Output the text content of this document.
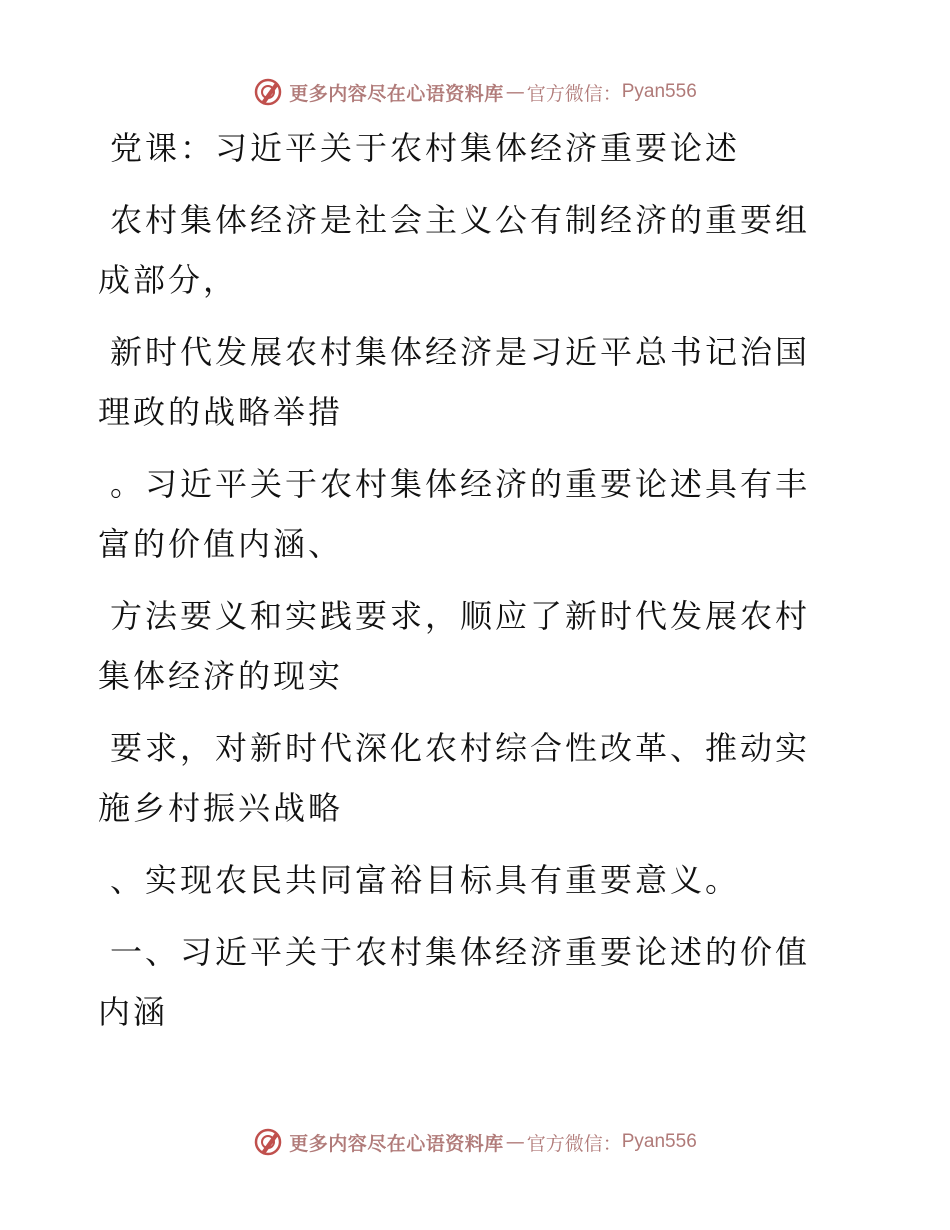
更多内容尽在心语资料库 — 官方微信： Pyan556

党课：习近平关于农村集体经济重要论述

农村集体经济是社会主义公有制经济的重要组成部分，

新时代发展农村集体经济是习近平总书记治国理政的战略举措

。习近平关于农村集体经济的重要论述具有丰富的价值内涵、

方法要义和实践要求，顺应了新时代发展农村集体经济的现实

要求，对新时代深化农村综合性改革、推动实施乡村振兴战略

、实现农民共同富裕目标具有重要意义。

一、习近平关于农村集体经济重要论述的价值内涵

更多内容尽在心语资料库 — 官方微信： Pyan556
